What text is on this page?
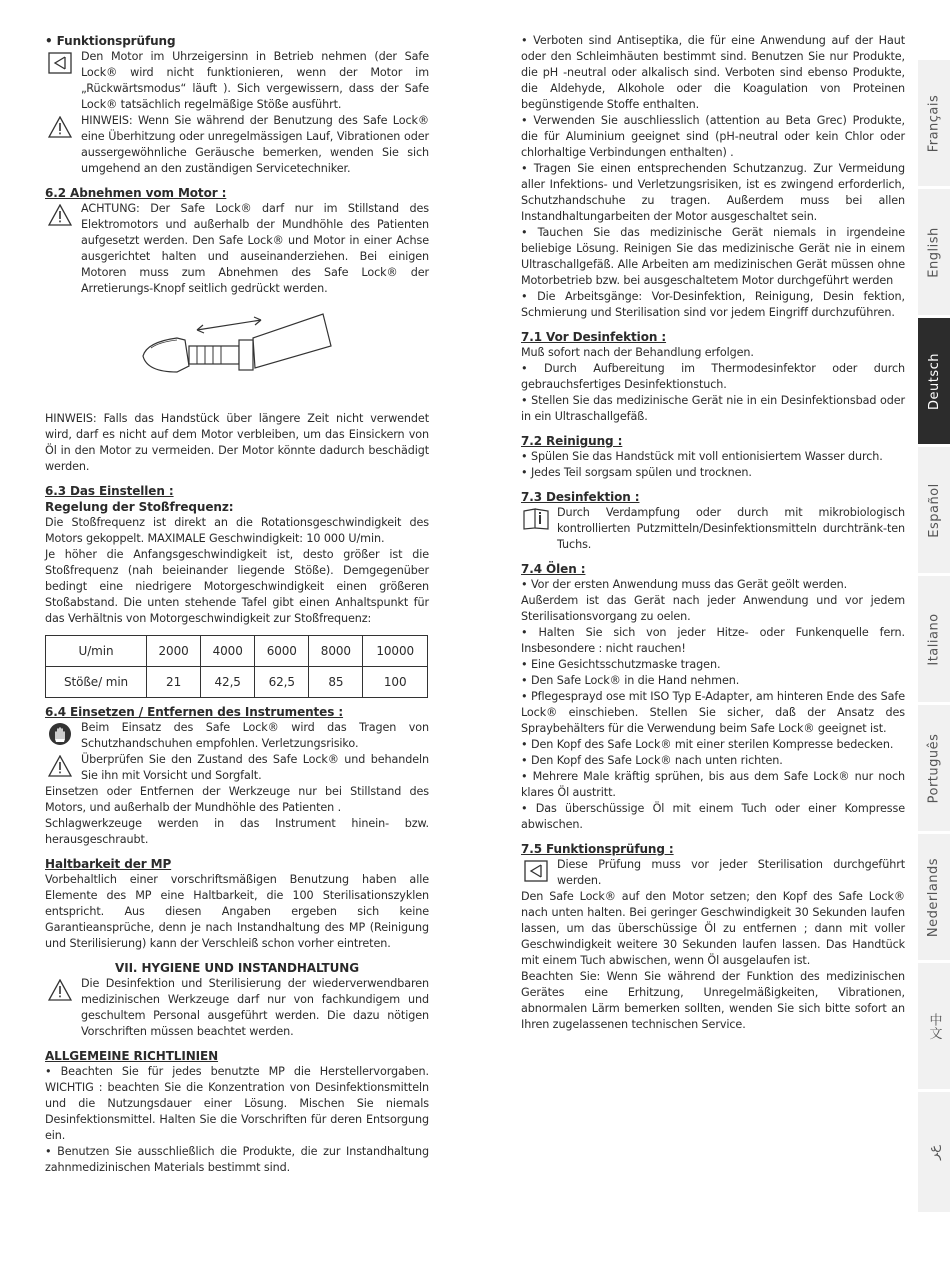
• Funktionsprüfung

Den Motor im Uhrzeigersinn in Betrieb nehmen (der Safe Lock® wird nicht funktionieren, wenn der Motor im „Rückwärtsmodus“ läuft ). Sich vergewissern, dass der Safe Lock® tatsächlich regelmäßige Stöße ausführt.

HINWEIS: Wenn Sie während der Benutzung des Safe Lock® eine Überhitzung oder unregelmässigen Lauf, Vibrationen oder aussergewöhnliche Geräusche bemerken, wenden Sie sich umgehend an den zuständigen Servicetechniker.

6.2 Abnehmen vom Motor :

ACHTUNG: Der Safe Lock® darf nur im Stillstand des Elektromotors und außerhalb der Mundhöhle des Patienten aufgesetzt werden. Den Safe Lock® und Motor in einer Achse ausgerichtet halten und auseinanderziehen. Bei einigen Motoren muss zum Abnehmen des Safe Lock® der Arretierungs-Knopf seitlich gedrückt werden.

HINWEIS: Falls das Handstück über längere Zeit nicht verwendet wird, darf es nicht auf dem Motor verbleiben, um das Einsickern von Öl in den Motor zu vermeiden. Der Motor könnte dadurch beschädigt werden.

6.3 Das Einstellen :

Regelung der Stoßfrequenz:

Die Stoßfrequenz ist direkt an die Rotationsgeschwindigkeit des Motors gekoppelt. MAXIMALE Geschwindigkeit: 10 000 U/min.

Je höher die Anfangsgeschwindigkeit ist, desto größer ist die Stoßfrequenz (nah beieinander liegende Stöße). Demgegenüber bedingt eine niedrigere Motorgeschwindigkeit einen größeren Stoßabstand. Die unten stehende Tafel gibt einen Anhaltspunkt für das Verhältnis von Motorgeschwindigkeit zur Stoßfrequenz:

U/min	2000	4000	6000	8000	10000
Stöße/ min	21	42,5	62,5	85	100

6.4 Einsetzen / Entfernen des Instrumentes :

Beim Einsatz des Safe Lock® wird das Tragen von Schutzhandschuhen empfohlen. Verletzungsrisiko.

Überprüfen Sie den Zustand des Safe Lock® und behandeln Sie ihn mit Vorsicht und Sorgfalt.

Einsetzen oder Entfernen der Werkzeuge nur bei Stillstand des Motors, und außerhalb der Mundhöhle des Patienten .

Schlagwerkzeuge werden in das Instrument hinein- bzw. herausgeschraubt.

Haltbarkeit der MP

Vorbehaltlich einer vorschriftsmäßigen Benutzung haben alle Elemente des MP eine Haltbarkeit, die 100 Sterilisationszyklen entspricht. Aus diesen Angaben ergeben sich keine Garantieansprüche, denn je nach Instandhaltung des MP (Reinigung und Sterilisierung) kann der Verschleiß schon vorher eintreten.

VII. HYGIENE UND INSTANDHALTUNG

Die Desinfektion und Sterilisierung der wiederverwendbaren medizinischen Werkzeuge darf nur von fachkundigem und geschultem Personal ausgeführt werden. Die dazu nötigen Vorschriften müssen beachtet werden.

ALLGEMEINE RICHTLINIEN

• Beachten Sie für jedes benutzte MP die Herstellervorgaben. WICHTIG : beachten Sie die Konzentration von Desinfektionsmitteln und die Nutzungsdauer einer Lösung. Mischen Sie niemals Desinfektionsmittel. Halten Sie die Vorschriften für deren Entsorgung ein.

• Benutzen Sie ausschließlich die Produkte, die zur Instandhaltung zahnmedizinischen Materials bestimmt sind.

• Verboten sind Antiseptika, die für eine Anwendung auf der Haut oder den Schleimhäuten bestimmt sind. Benutzen Sie nur Produkte, die pH -neutral oder alkalisch sind. Verboten sind ebenso Produkte, die Aldehyde, Alkohole oder die Koagulation von Proteinen begünstigende Stoffe enthalten.

• Verwenden Sie auschliesslich (attention au Beta Grec) Produkte, die für Aluminium geeignet sind (pH-neutral oder kein Chlor oder chlorhaltige Verbindungen enthalten) .

• Tragen Sie einen entsprechenden Schutzanzug. Zur Vermeidung aller Infektions- und Verletzungsrisiken, ist es zwingend erforderlich, Schutzhandschuhe zu tragen. Außerdem muss bei allen Instandhaltungarbeiten der Motor ausgeschaltet sein.

• Tauchen Sie das medizinische Gerät niemals in irgendeine beliebige Lösung. Reinigen Sie das medizinische Gerät nie in einem Ultraschallgefäß. Alle Arbeiten am medizinischen Gerät müssen ohne Motorbetrieb bzw. bei ausgeschaltetem Motor durchgeführt werden

• Die Arbeitsgänge: Vor-Desinfektion, Reinigung, Desin fektion, Schmierung und Sterilisation sind vor jedem Eingriff durchzuführen.

7.1 Vor Desinfektion :

Muß sofort nach der Behandlung erfolgen.

• Durch Aufbereitung im Thermodesinfektor oder durch gebrauchsfertiges Desinfektionstuch.

• Stellen Sie das medizinische Gerät nie in ein Desinfektionsbad oder in ein Ultraschallgefäß.

7.2 Reinigung :

• Spülen Sie das Handstück mit voll entionisiertem Wasser durch.

• Jedes Teil sorgsam spülen und trocknen.

7.3 Desinfektion :

Durch Verdampfung oder durch mit mikrobiologisch kontrollierten Putzmitteln/Desinfektionsmitteln durchtränk-ten Tuchs.

7.4 Ölen :

• Vor der ersten Anwendung muss das Gerät geölt werden.

Außerdem ist das Gerät nach jeder Anwendung und vor jedem Sterilisationsvorgang zu oelen.

• Halten Sie sich von jeder Hitze- oder Funkenquelle fern. Insbesondere : nicht rauchen!

• Eine Gesichtsschutzmaske tragen.

• Den Safe Lock® in die Hand nehmen.

• Pflegesprayd ose mit ISO Typ E-Adapter, am hinteren Ende des Safe Lock® einschieben. Stellen Sie sicher, daß der Ansatz des Spraybehälters für die Verwendung beim Safe Lock® geeignet ist.

• Den Kopf des Safe Lock® mit einer sterilen Kompresse bedecken.

• Den Kopf des Safe Lock® nach unten richten.

• Mehrere Male kräftig sprühen, bis aus dem Safe Lock® nur noch klares Öl austritt.

• Das überschüssige Öl mit einem Tuch oder einer Kompresse abwischen.

7.5 Funktionsprüfung :

Diese Prüfung muss vor jeder Sterilisation durchgeführt werden.

Den Safe Lock® auf den Motor setzen; den Kopf des Safe Lock® nach unten halten. Bei geringer Geschwindigkeit 30 Sekunden laufen lassen, um das überschüssige Öl zu entfernen ; dann mit voller Geschwindigkeit weitere 30 Sekunden laufen lassen. Das Handtück mit einem Tuch abwischen, wenn Öl ausgelaufen ist.

Beachten Sie: Wenn Sie während der Funktion des medizinischen Gerätes eine Erhitzung, Unregelmäßigkeiten, Vibrationen, abnormalen Lärm bemerken sollten, wenden Sie sich bitte sofort an Ihren zugelassenen technischen Service.

Français
English
Deutsch
Español
Italiano
Português
Nederlands
中文
ﻉﺮ
